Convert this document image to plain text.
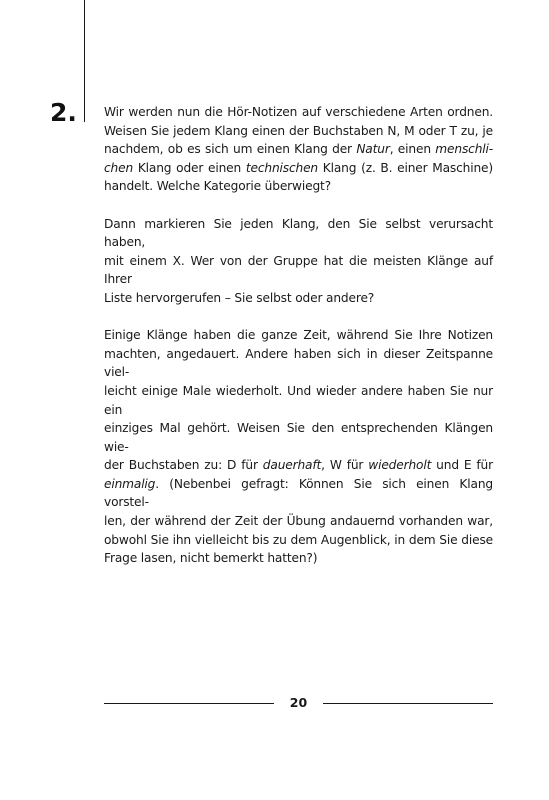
2. Wir werden nun die Hör-Notizen auf verschiedene Arten ordnen.
Weisen Sie jedem Klang einen der Buchstaben N, M oder T zu, je
nachdem, ob es sich um einen Klang der Natur, einen menschli-
chen Klang oder einen technischen Klang (z. B. einer Maschine)
handelt. Welche Kategorie überwiegt?
Dann markieren Sie jeden Klang, den Sie selbst verursacht haben,
mit einem X. Wer von der Gruppe hat die meisten Klänge auf Ihrer
Liste hervorgerufen – Sie selbst oder andere?
Einige Klänge haben die ganze Zeit, während Sie Ihre Notizen
machten, angedauert. Andere haben sich in dieser Zeitspanne viel-
leicht einige Male wiederholt. Und wieder andere haben Sie nur ein
einziges Mal gehört. Weisen Sie den entsprechenden Klängen wie-
der Buchstaben zu: D für dauerhaft, W für wiederholt und E für
einmalig. (Nebenbei gefragt: Können Sie sich einen Klang vorstel-
len, der während der Zeit der Übung andauernd vorhanden war,
obwohl Sie ihn vielleicht bis zu dem Augenblick, in dem Sie diese
Frage lasen, nicht bemerkt hatten?)
20
